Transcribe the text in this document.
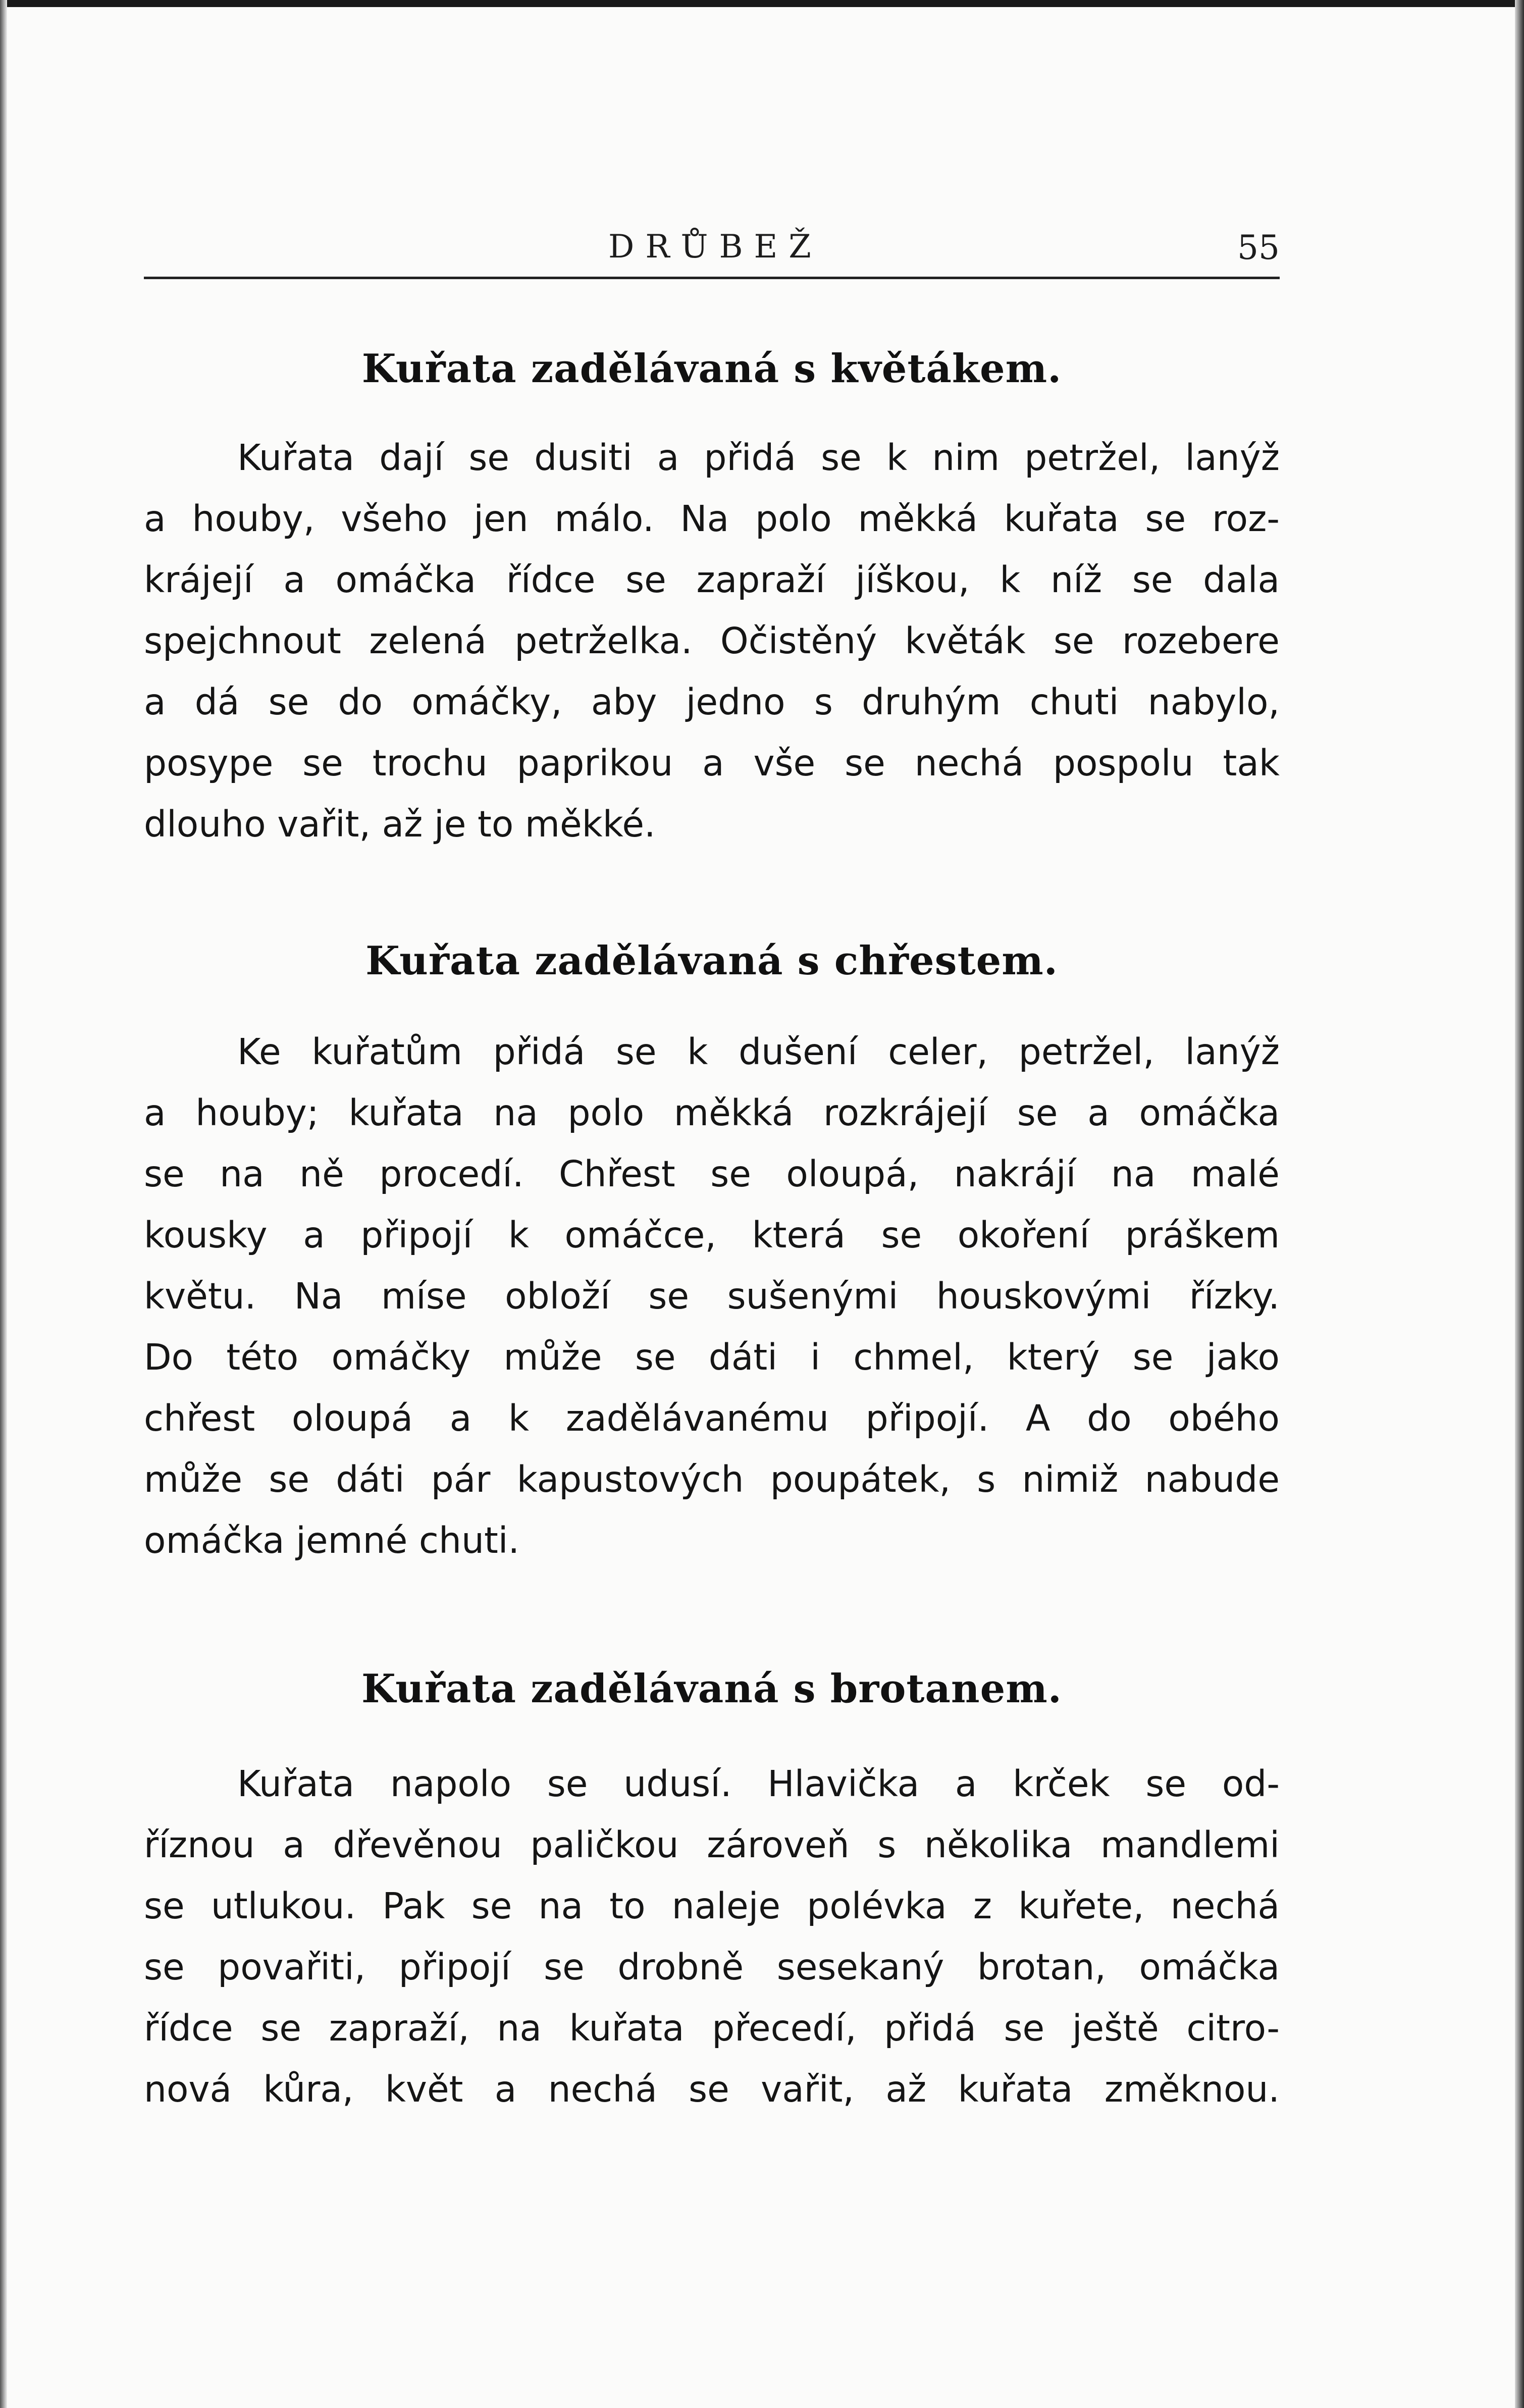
DRŮBEŽ	55
Kuřata zadělávaná s květákem.
Kuřata dají se dusiti a přidá se k nim petržel, lanýž
a houby, všeho jen málo. Na polo měkká kuřata se roz-
krájejí a omáčka řídce se zapraží jíškou, k níž se dala
spejchnout zelená petrželka. Očistěný květák se rozebere
a dá se do omáčky, aby jedno s druhým chuti nabylo,
posype se trochu paprikou a vše se nechá pospolu tak
dlouho vařit, až je to měkké.
Kuřata zadělávaná s chřestem.
Ke kuřatům přidá se k dušení celer, petržel, lanýž
a houby; kuřata na polo měkká rozkrájejí se a omáčka
se na ně procedí. Chřest se oloupá, nakrájí na malé
kousky a připojí k omáčce, která se okoření práškem
květu. Na míse obloží se sušenými houskovými řízky.
Do této omáčky může se dáti i chmel, který se jako
chřest oloupá a k zadělávanému připojí. A do obého
může se dáti pár kapustových poupátek, s nimiž nabude
omáčka jemné chuti.
Kuřata zadělávaná s brotanem.
Kuřata napolo se udusí. Hlavička a krček se od-
říznou a dřevěnou paličkou zároveň s několika mandlemi
se utlukou. Pak se na to naleje polévka z kuřete, nechá
se povařiti, připojí se drobně sesekaný brotan, omáčka
řídce se zapraží, na kuřata přecedí, přidá se ještě citro-
nová kůra, květ a nechá se vařit, až kuřata změknou.
